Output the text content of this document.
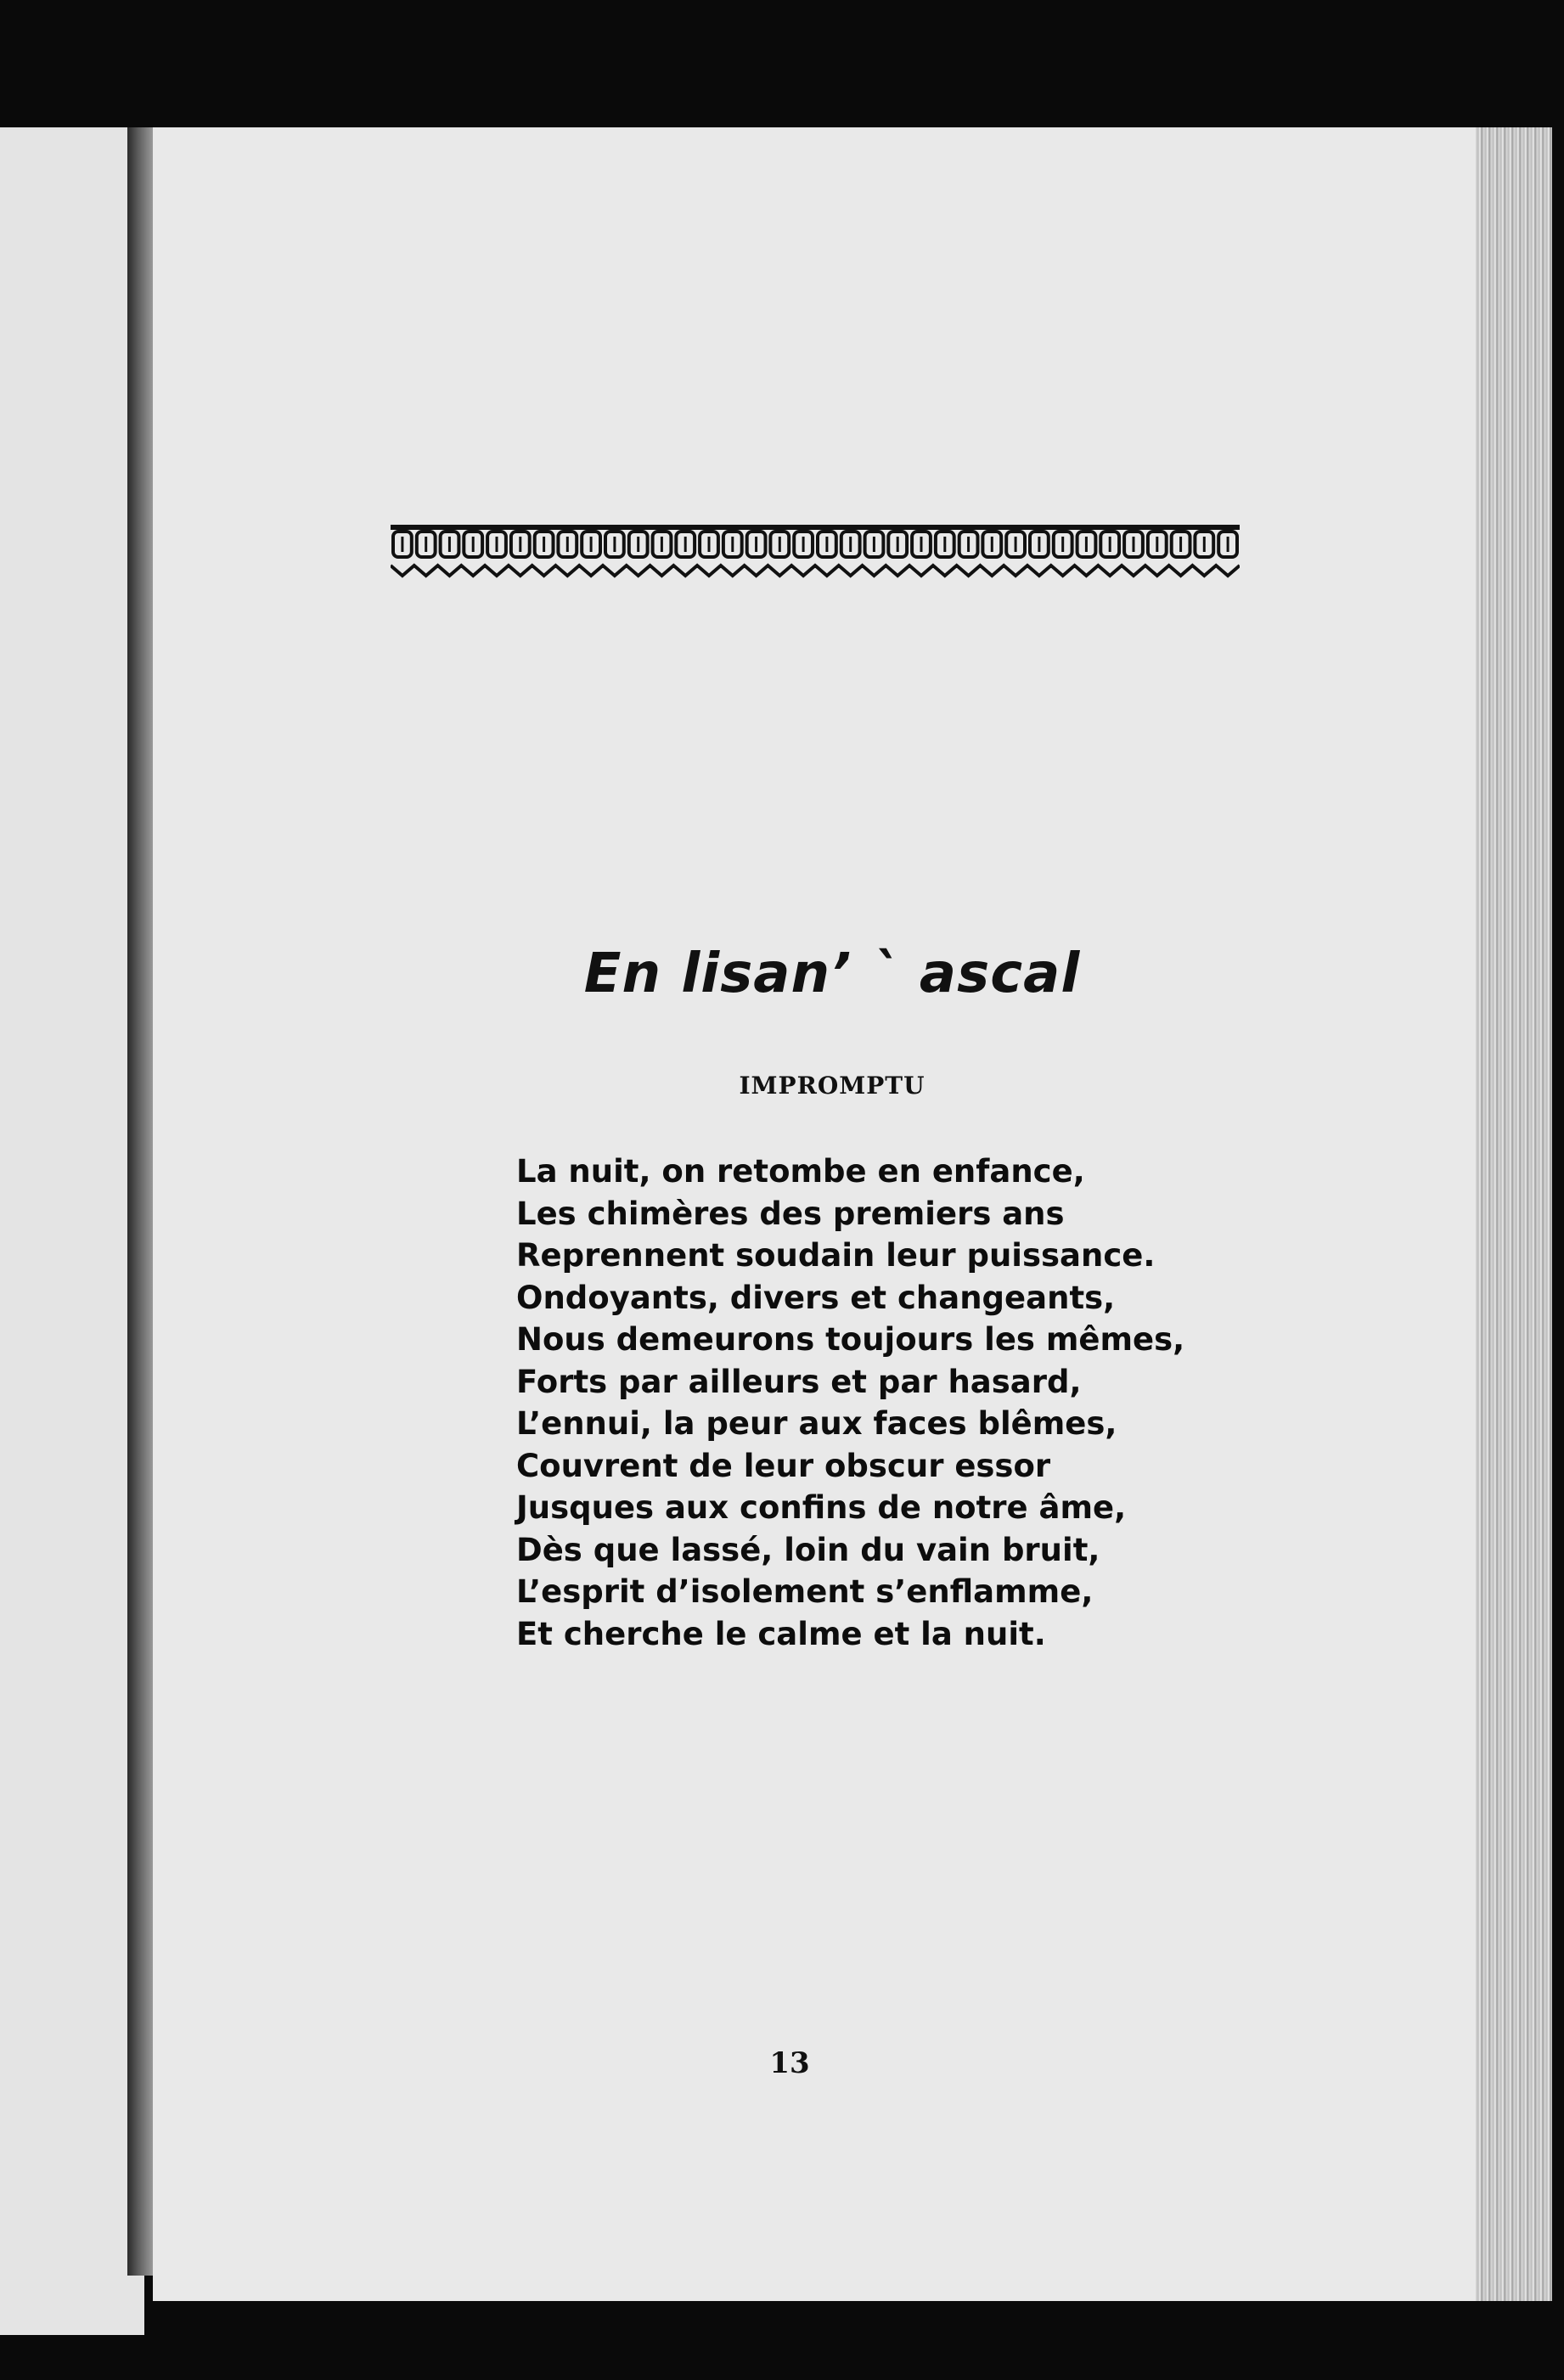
En lisan’ ˋ ascal
IMPROMPTU
La nuit, on retombe en enfance,
Les chimères des premiers ans
Reprennent soudain leur puissance.
Ondoyants, divers et changeants,
Nous demeurons toujours les mêmes,
Forts par ailleurs et par hasard,
L’ennui, la peur aux faces blêmes,
Couvrent de leur obscur essor
Jusques aux confins de notre âme,
Dès que lassé, loin du vain bruit,
L’esprit d’isolement s’enflamme,
Et cherche le calme et la nuit.
13
